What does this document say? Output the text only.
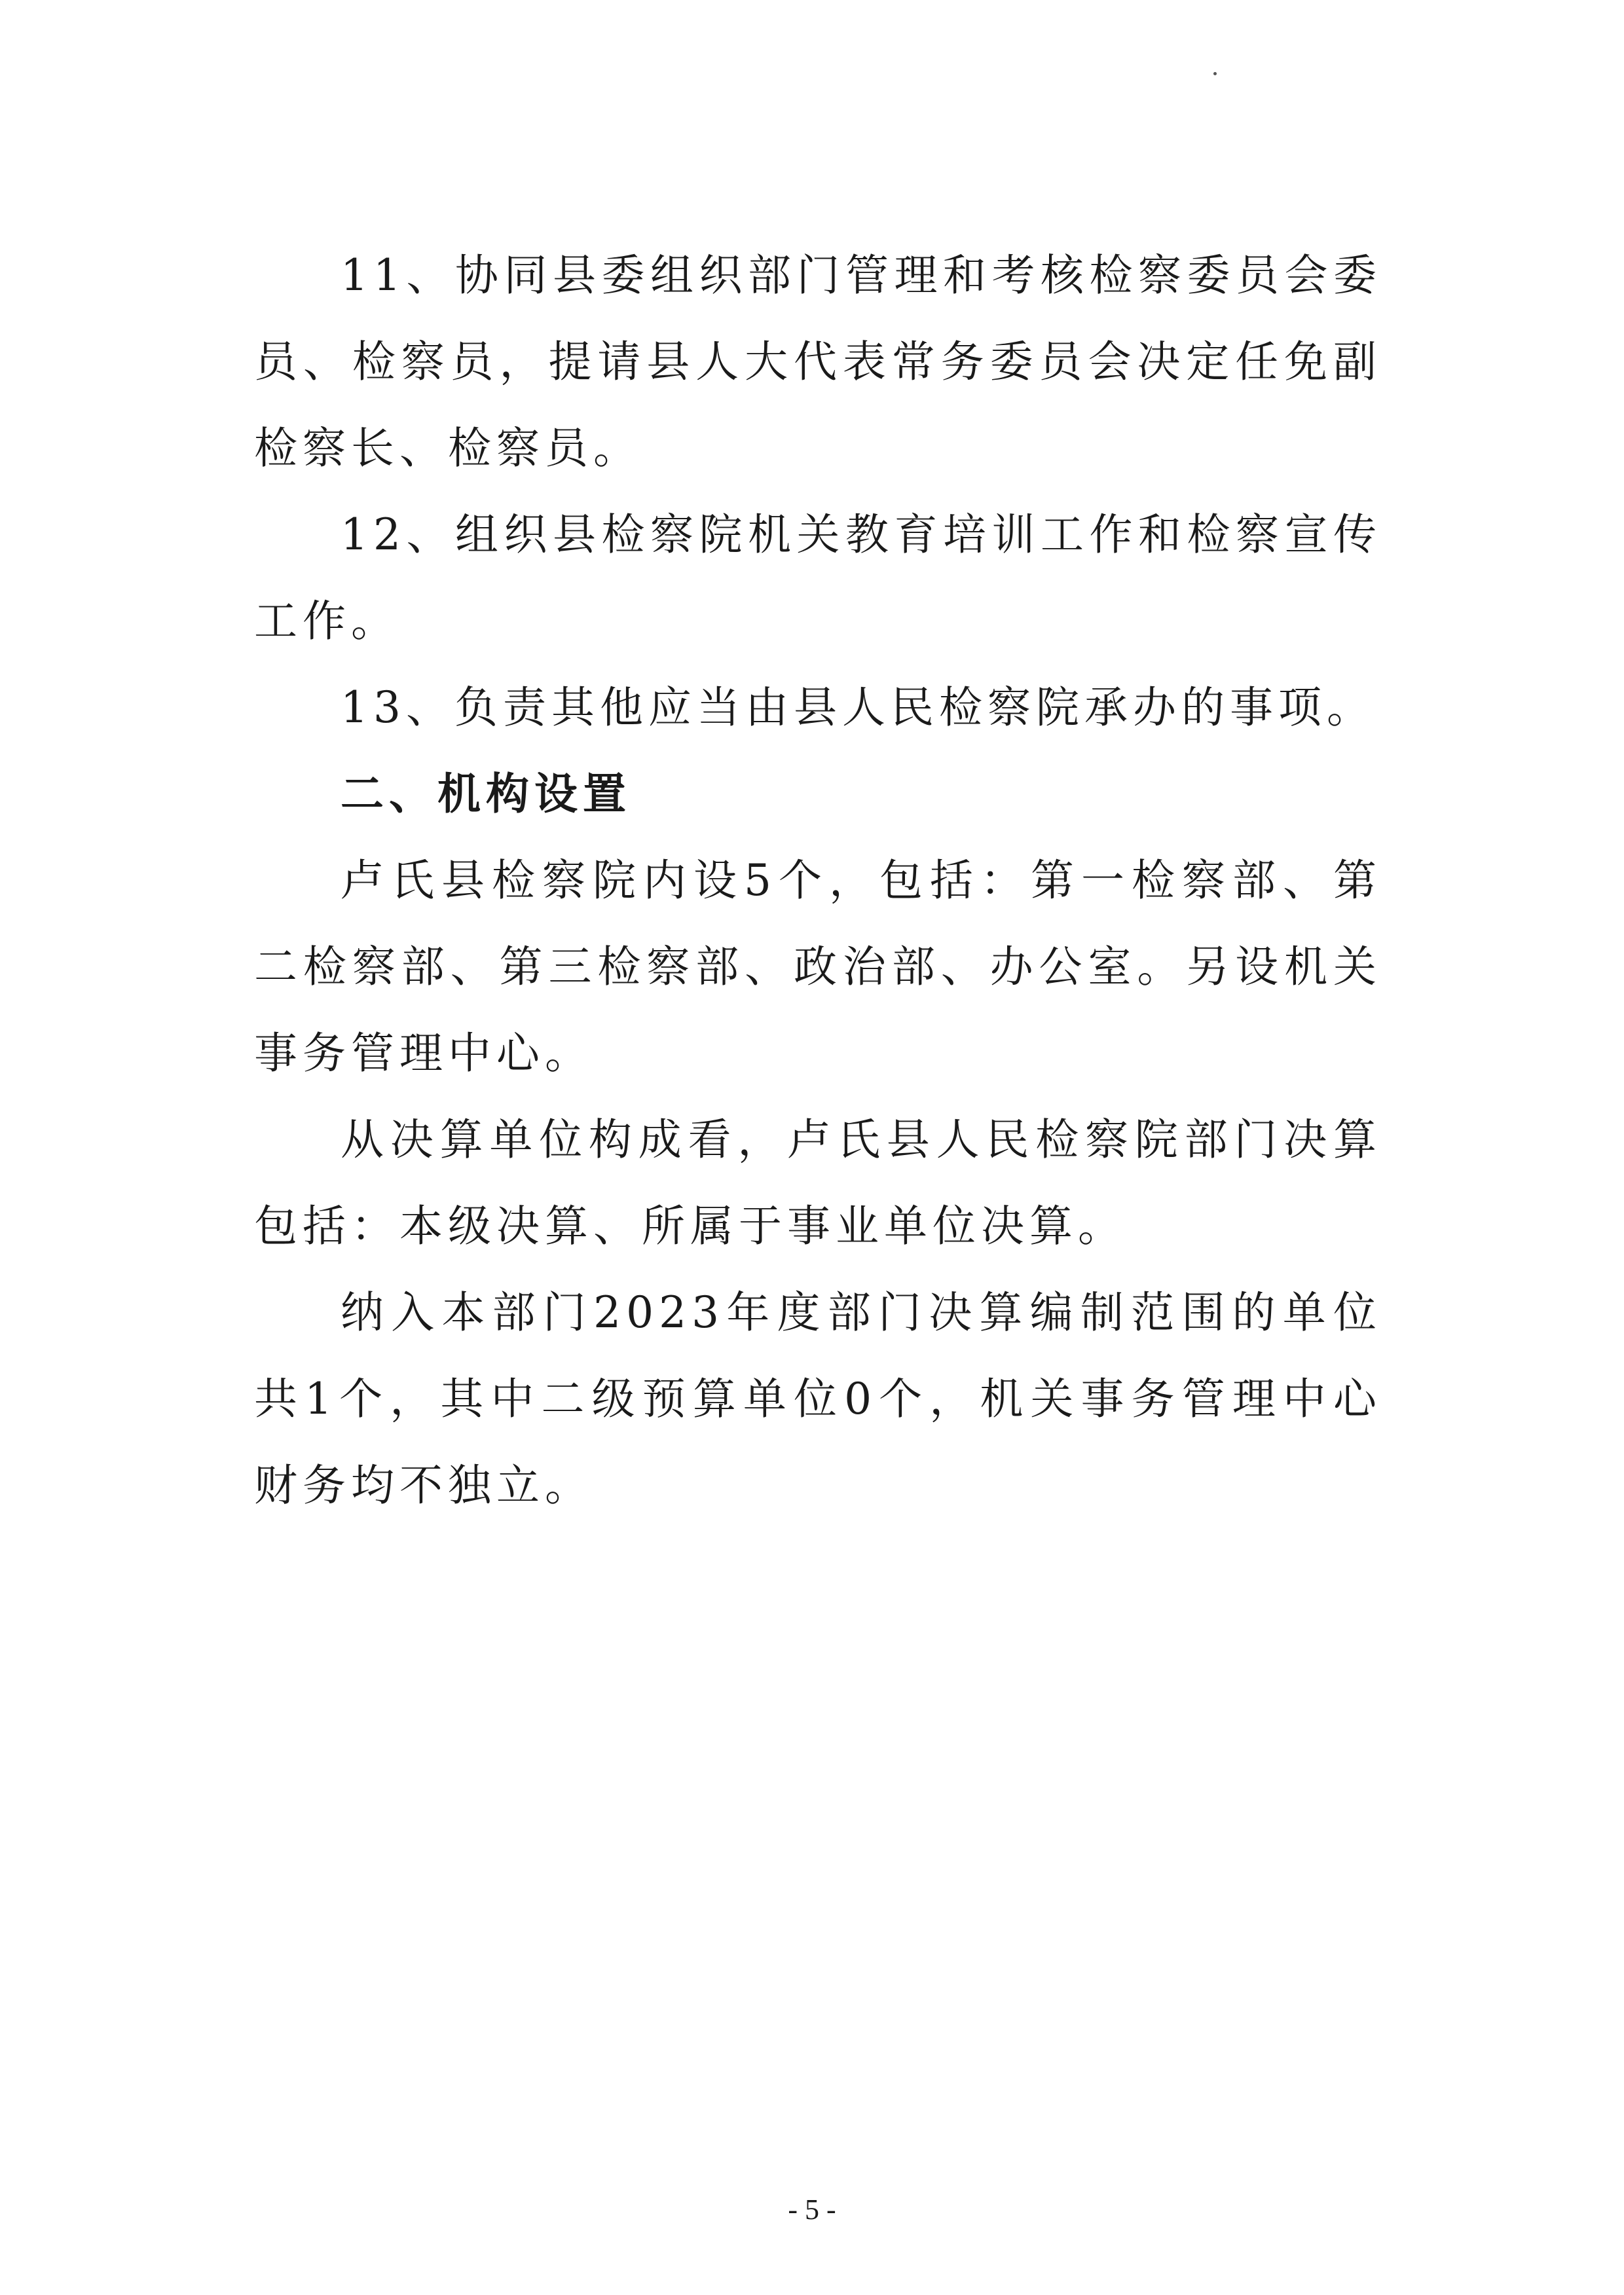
11、协同县委组织部门管理和考核检察委员会委员、检察员，提请县人大代表常务委员会决定任免副检察长、检察员。

12、组织县检察院机关教育培训工作和检察宣传工作。

13、负责其他应当由县人民检察院承办的事项。

二、机构设置

卢氏县检察院内设5个，包括：第一检察部、第二检察部、第三检察部、政治部、办公室。另设机关事务管理中心。

从决算单位构成看，卢氏县人民检察院部门决算包括：本级决算、所属于事业单位决算。

纳入本部门2023年度部门决算编制范围的单位共1个，其中二级预算单位0个，机关事务管理中心财务均不独立。

- 5 -
